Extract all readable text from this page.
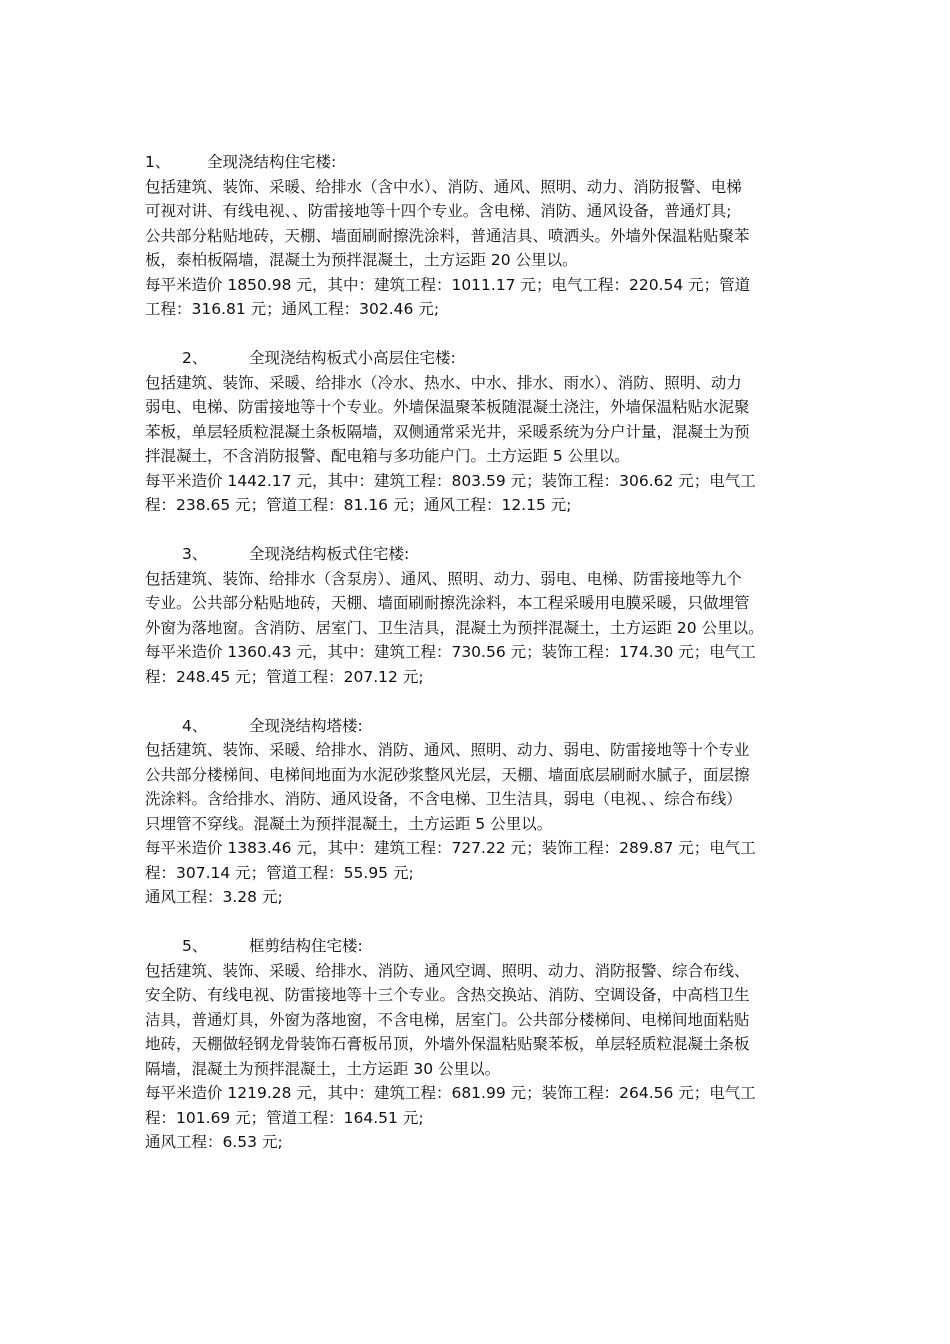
1、 全现浇结构住宅楼:
包括建筑、装饰、采暖、给排水（含中水）、消防、通风、照明、动力、消防报警、电梯
可视对讲、有线电视、、防雷接地等十四个专业。含电梯、消防、通风设备，普通灯具;
公共部分粘贴地砖，天棚、墙面刷耐擦洗涂料，普通洁具、喷洒头。外墙外保温粘贴聚苯
板，泰柏板隔墙，混凝土为预拌混凝土，土方运距 20 公里以。
每平米造价 1850.98 元，其中：建筑工程：1011.17 元；电气工程：220.54 元；管道
工程：316.81 元；通风工程：302.46 元;
2、	全现浇结构板式小高层住宅楼:
包括建筑、装饰、采暖、给排水（冷水、热水、中水、排水、雨水）、消防、照明、动力
弱电、电梯、防雷接地等十个专业。外墙保温聚苯板随混凝土浇注，外墙保温粘贴水泥聚
苯板，单层轻质粒混凝土条板隔墙，双侧通常采光井，采暖系统为分户计量，混凝土为预
拌混凝土，不含消防报警、配电箱与多功能户门。土方运距 5 公里以。
每平米造价 1442.17 元，其中：建筑工程：803.59 元；装饰工程：306.62 元；电气工
程：238.65 元；管道工程：81.16 元；通风工程：12.15 元;
3、	全现浇结构板式住宅楼:
包括建筑、装饰、给排水（含泵房）、通风、照明、动力、弱电、电梯、防雷接地等九个
专业。公共部分粘贴地砖，天棚、墙面刷耐擦洗涂料，本工程采暖用电膜采暖，只做埋管
外窗为落地窗。含消防、居室门、卫生洁具，混凝土为预拌混凝土，土方运距 20 公里以。
每平米造价 1360.43 元，其中：建筑工程：730.56 元；装饰工程：174.30 元；电气工
程：248.45 元；管道工程：207.12 元;
4、	全现浇结构塔楼:
包括建筑、装饰、采暖、给排水、消防、通风、照明、动力、弱电、防雷接地等十个专业
公共部分楼梯间、电梯间地面为水泥砂浆整风光层，天棚、墙面底层刷耐水腻子，面层擦
洗涂料。含给排水、消防、通风设备，不含电梯、卫生洁具，弱电（电视、、综合布线）
只埋管不穿线。混凝土为预拌混凝土，土方运距 5 公里以。
每平米造价 1383.46 元，其中：建筑工程：727.22 元；装饰工程：289.87 元；电气工
程：307.14 元；管道工程：55.95 元;
通风工程：3.28 元;
5、	框剪结构住宅楼:
包括建筑、装饰、采暖、给排水、消防、通风空调、照明、动力、消防报警、综合布线、
安全防、有线电视、防雷接地等十三个专业。含热交换站、消防、空调设备，中高档卫生
洁具，普通灯具，外窗为落地窗，不含电梯，居室门。公共部分楼梯间、电梯间地面粘贴
地砖，天棚做轻钢龙骨装饰石膏板吊顶，外墙外保温粘贴聚苯板，单层轻质粒混凝土条板
隔墙，混凝土为预拌混凝土，土方运距 30 公里以。
每平米造价 1219.28 元，其中：建筑工程：681.99 元；装饰工程：264.56 元；电气工
程：101.69 元；管道工程：164.51 元;
通风工程：6.53 元;
